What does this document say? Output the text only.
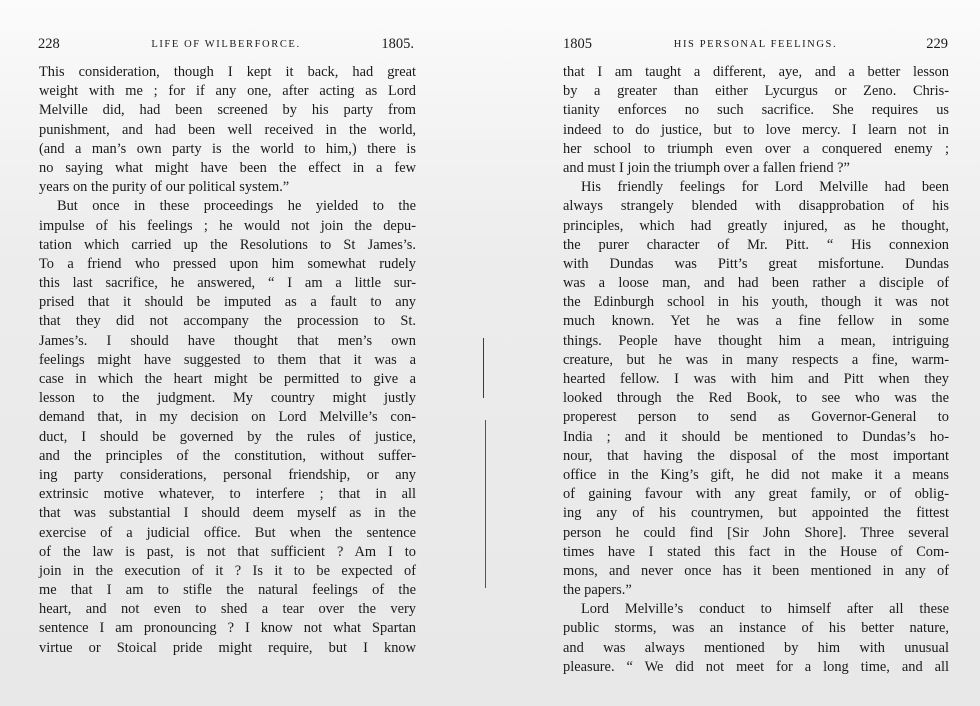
228	LIFE OF WILBERFORCE.	1805.
This consideration, though I kept it back, had great
weight with me ; for if any one, after acting as Lord
Melville did, had been screened by his party from
punishment, and had been well received in the world,
(and a man’s own party is the world to him,) there is
no saying what might have been the effect in a few
years on the purity of our political system.”
But once in these proceedings he yielded to the
impulse of his feelings ; he would not join the depu-
tation which carried up the Resolutions to St James’s.
To a friend who pressed upon him somewhat rudely
this last sacrifice, he answered, “ I am a little sur-
prised that it should be imputed as a fault to any
that they did not accompany the procession to St.
James’s. I should have thought that men’s own
feelings might have suggested to them that it was a
case in which the heart might be permitted to give a
lesson to the judgment. My country might justly
demand that, in my decision on Lord Melville’s con-
duct, I should be governed by the rules of justice,
and the principles of the constitution, without suffer-
ing party considerations, personal friendship, or any
extrinsic motive whatever, to interfere ; that in all
that was substantial I should deem myself as in the
exercise of a judicial office. But when the sentence
of the law is past, is not that sufficient ? Am I to
join in the execution of it ? Is it to be expected of
me that I am to stifle the natural feelings of the
heart, and not even to shed a tear over the very
sentence I am pronouncing ? I know not what Spartan
virtue or Stoical pride might require, but I know
1805	HIS PERSONAL FEELINGS.	229
that I am taught a different, aye, and a better lesson
by a greater than either Lycurgus or Zeno. Chris-
tianity enforces no such sacrifice. She requires us
indeed to do justice, but to love mercy. I learn not in
her school to triumph even over a conquered enemy ;
and must I join the triumph over a fallen friend ?”
His friendly feelings for Lord Melville had been
always strangely blended with disapprobation of his
principles, which had greatly injured, as he thought,
the purer character of Mr. Pitt. “ His connexion
with Dundas was Pitt’s great misfortune. Dundas
was a loose man, and had been rather a disciple of
the Edinburgh school in his youth, though it was not
much known. Yet he was a fine fellow in some
things. People have thought him a mean, intriguing
creature, but he was in many respects a fine, warm-
hearted fellow. I was with him and Pitt when they
looked through the Red Book, to see who was the
properest person to send as Governor-General to
India ; and it should be mentioned to Dundas’s ho-
nour, that having the disposal of the most important
office in the King’s gift, he did not make it a means
of gaining favour with any great family, or of oblig-
ing any of his countrymen, but appointed the fittest
person he could find [Sir John Shore]. Three several
times have I stated this fact in the House of Com-
mons, and never once has it been mentioned in any of
the papers.”
Lord Melville’s conduct to himself after all these
public storms, was an instance of his better nature,
and was always mentioned by him with unusual
pleasure. “ We did not meet for a long time, and all
